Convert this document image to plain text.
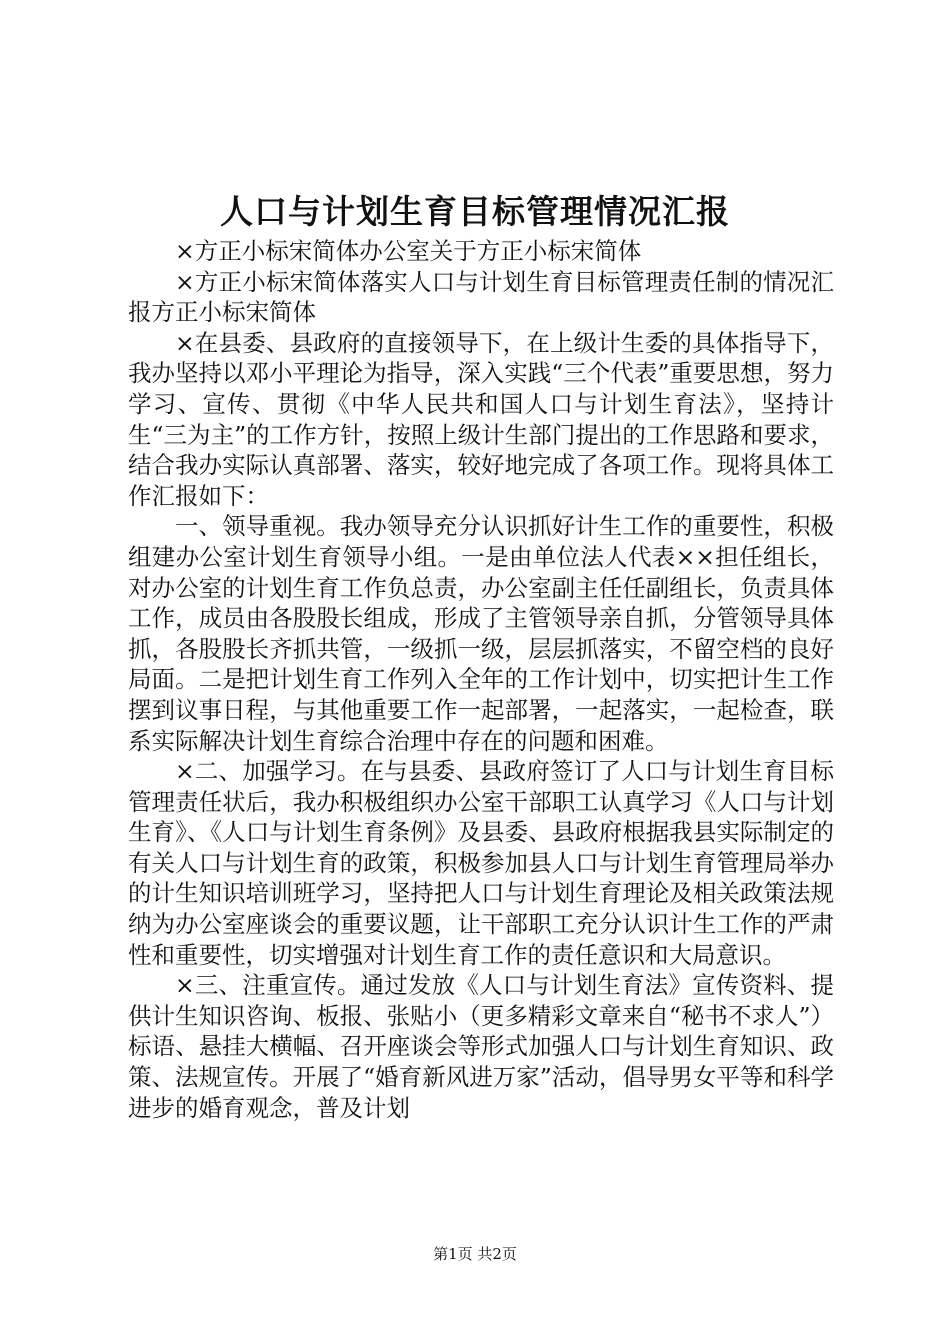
人口与计划生育目标管理情况汇报

×方正小标宋简体办公室关于方正小标宋简体

×方正小标宋简体落实人口与计划生育目标管理责任制的情况汇报方正小标宋简体

×在县委、县政府的直接领导下，在上级计生委的具体指导下，我办坚持以邓小平理论为指导，深入实践“三个代表”重要思想，努力学习、宣传、贯彻《中华人民共和国人口与计划生育法》，坚持计生“三为主”的工作方针，按照上级计生部门提出的工作思路和要求，结合我办实际认真部署、落实，较好地完成了各项工作。现将具体工作汇报如下：

一、领导重视。我办领导充分认识抓好计生工作的重要性，积极组建办公室计划生育领导小组。一是由单位法人代表××担任组长，对办公室的计划生育工作负总责，办公室副主任任副组长，负责具体工作，成员由各股股长组成，形成了主管领导亲自抓，分管领导具体抓，各股股长齐抓共管，一级抓一级，层层抓落实，不留空档的良好局面。二是把计划生育工作列入全年的工作计划中，切实把计生工作摆到议事日程，与其他重要工作一起部署，一起落实，一起检查，联系实际解决计划生育综合治理中存在的问题和困难。

×二、加强学习。在与县委、县政府签订了人口与计划生育目标管理责任状后，我办积极组织办公室干部职工认真学习《人口与计划生育》、《人口与计划生育条例》及县委、县政府根据我县实际制定的有关人口与计划生育的政策，积极参加县人口与计划生育管理局举办的计生知识培训班学习，坚持把人口与计划生育理论及相关政策法规纳为办公室座谈会的重要议题，让干部职工充分认识计生工作的严肃性和重要性，切实增强对计划生育工作的责任意识和大局意识。

×三、注重宣传。通过发放《人口与计划生育法》宣传资料、提供计生知识咨询、板报、张贴小（更多精彩文章来自“秘书不求人”）标语、悬挂大横幅、召开座谈会等形式加强人口与计划生育知识、政策、法规宣传。开展了“婚育新风进万家”活动，倡导男女平等和科学进步的婚育观念，普及计划

第1页 共2页
